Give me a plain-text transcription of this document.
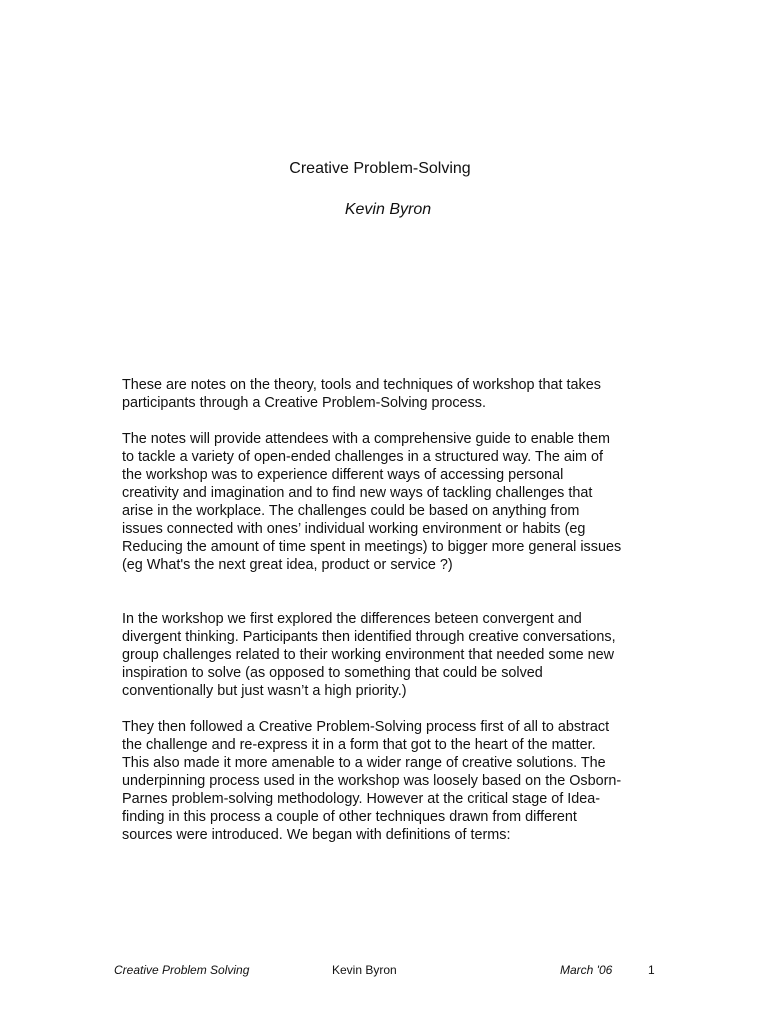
Creative Problem-Solving
Kevin Byron

These are notes on the theory, tools and techniques of workshop that takes
participants through a Creative Problem-Solving process.

The notes will provide attendees with a comprehensive guide to enable them
to tackle a variety of open-ended challenges in a structured way. The aim of
the workshop was to experience different ways of accessing personal
creativity and imagination and to find new ways of tackling challenges that
arise in the workplace. The challenges could be based on anything from
issues connected with ones’ individual working environment or habits (eg
Reducing the amount of time spent in meetings) to bigger more general issues
(eg What's the next great idea, product or service ?)

In the workshop we first explored the differences beteen convergent and
divergent thinking. Participants then identified through creative conversations,
group challenges related to their working environment that needed some new
inspiration to solve (as opposed to something that could be solved
conventionally but just wasn’t a high priority.)

They then followed a Creative Problem-Solving process first of all to abstract
the challenge and re-express it in a form that got to the heart of the matter.
This also made it more amenable to a wider range of creative solutions. The
underpinning process used in the workshop was loosely based on the Osborn-
Parnes problem-solving methodology. However at the critical stage of Idea-
finding in this process a couple of other techniques drawn from different
sources were introduced. We began with definitions of terms:

Creative Problem Solving	Kevin Byron	March '06	1
